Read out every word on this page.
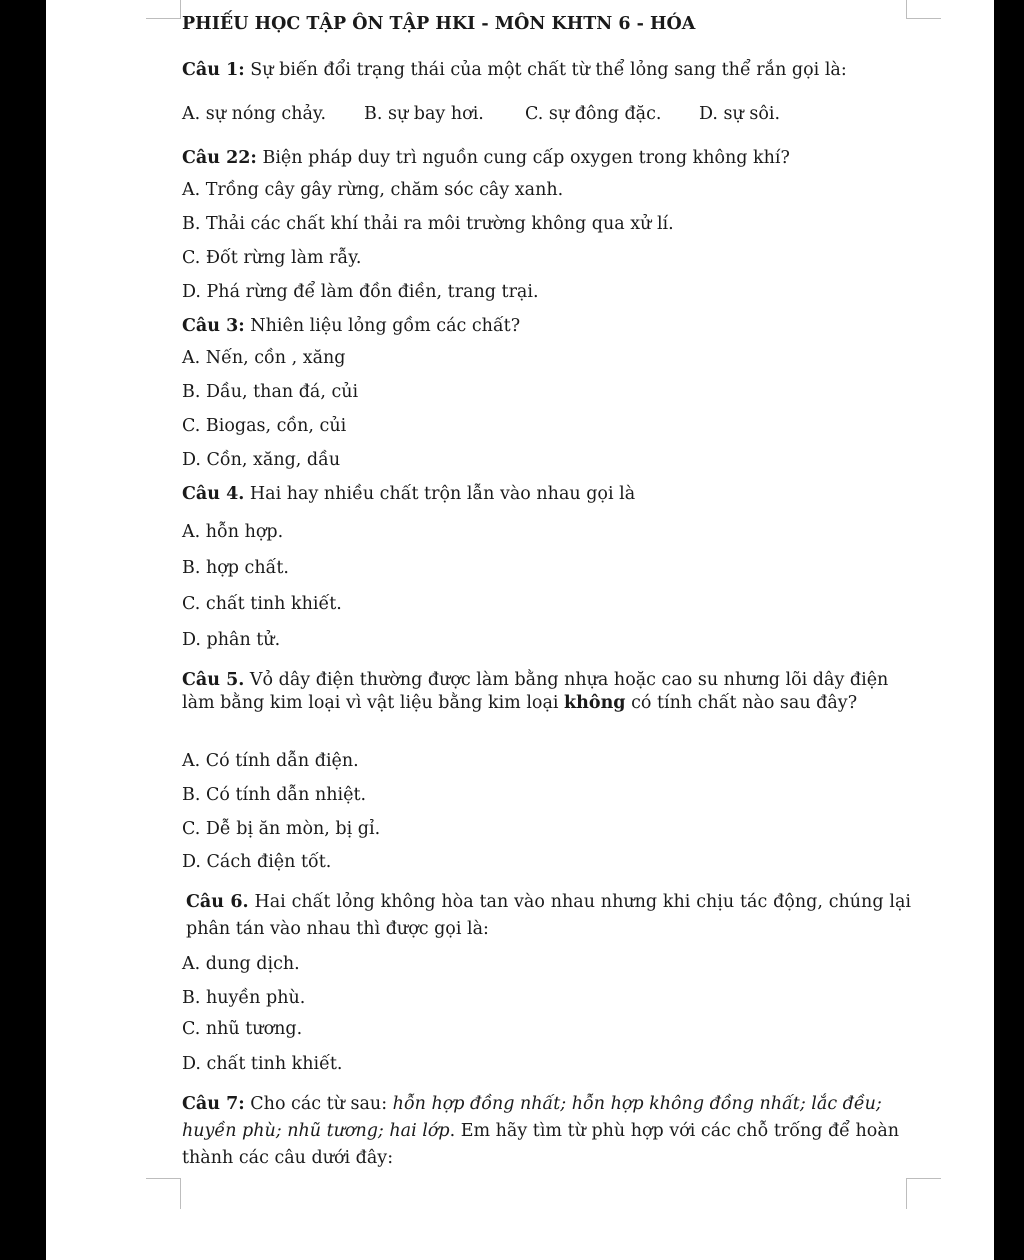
PHIẾU HỌC TẬP ÔN TẬP HKI - MÔN KHTN 6 - HÓA
Câu 1: Sự biến đổi trạng thái của một chất từ thể lỏng sang thể rắn gọi là:
A. sự nóng chảy. B. sự bay hơi. C. sự đông đặc. D. sự sôi.
Câu 22: Biện pháp duy trì nguồn cung cấp oxygen trong không khí?
A. Trồng cây gây rừng, chăm sóc cây xanh.
B. Thải các chất khí thải ra môi trường không qua xử lí.
C. Đốt rừng làm rẫy.
D. Phá rừng để làm đồn điền, trang trại.
Câu 3: Nhiên liệu lỏng gồm các chất?
A. Nến, cồn , xăng
B. Dầu, than đá, củi
C. Biogas, cồn, củi
D. Cồn, xăng, dầu
Câu 4. Hai hay nhiều chất trộn lẫn vào nhau gọi là
A. hỗn hợp.
B. hợp chất.
C. chất tinh khiết.
D. phân tử.
Câu 5. Vỏ dây điện thường được làm bằng nhựa hoặc cao su nhưng lõi dây điện làm bằng kim loại vì vật liệu bằng kim loại không có tính chất nào sau đây?
A. Có tính dẫn điện.
B. Có tính dẫn nhiệt.
C. Dễ bị ăn mòn, bị gỉ.
D. Cách điện tốt.
Câu 6. Hai chất lỏng không hòa tan vào nhau nhưng khi chịu tác động, chúng lại phân tán vào nhau thì được gọi là:
A. dung dịch.
B. huyền phù.
C. nhũ tương.
D. chất tinh khiết.
Câu 7: Cho các từ sau: hỗn hợp đồng nhất; hỗn hợp không đồng nhất; lắc đều; huyền phù; nhũ tương; hai lớp. Em hãy tìm từ phù hợp với các chỗ trống để hoàn thành các câu dưới đây:
